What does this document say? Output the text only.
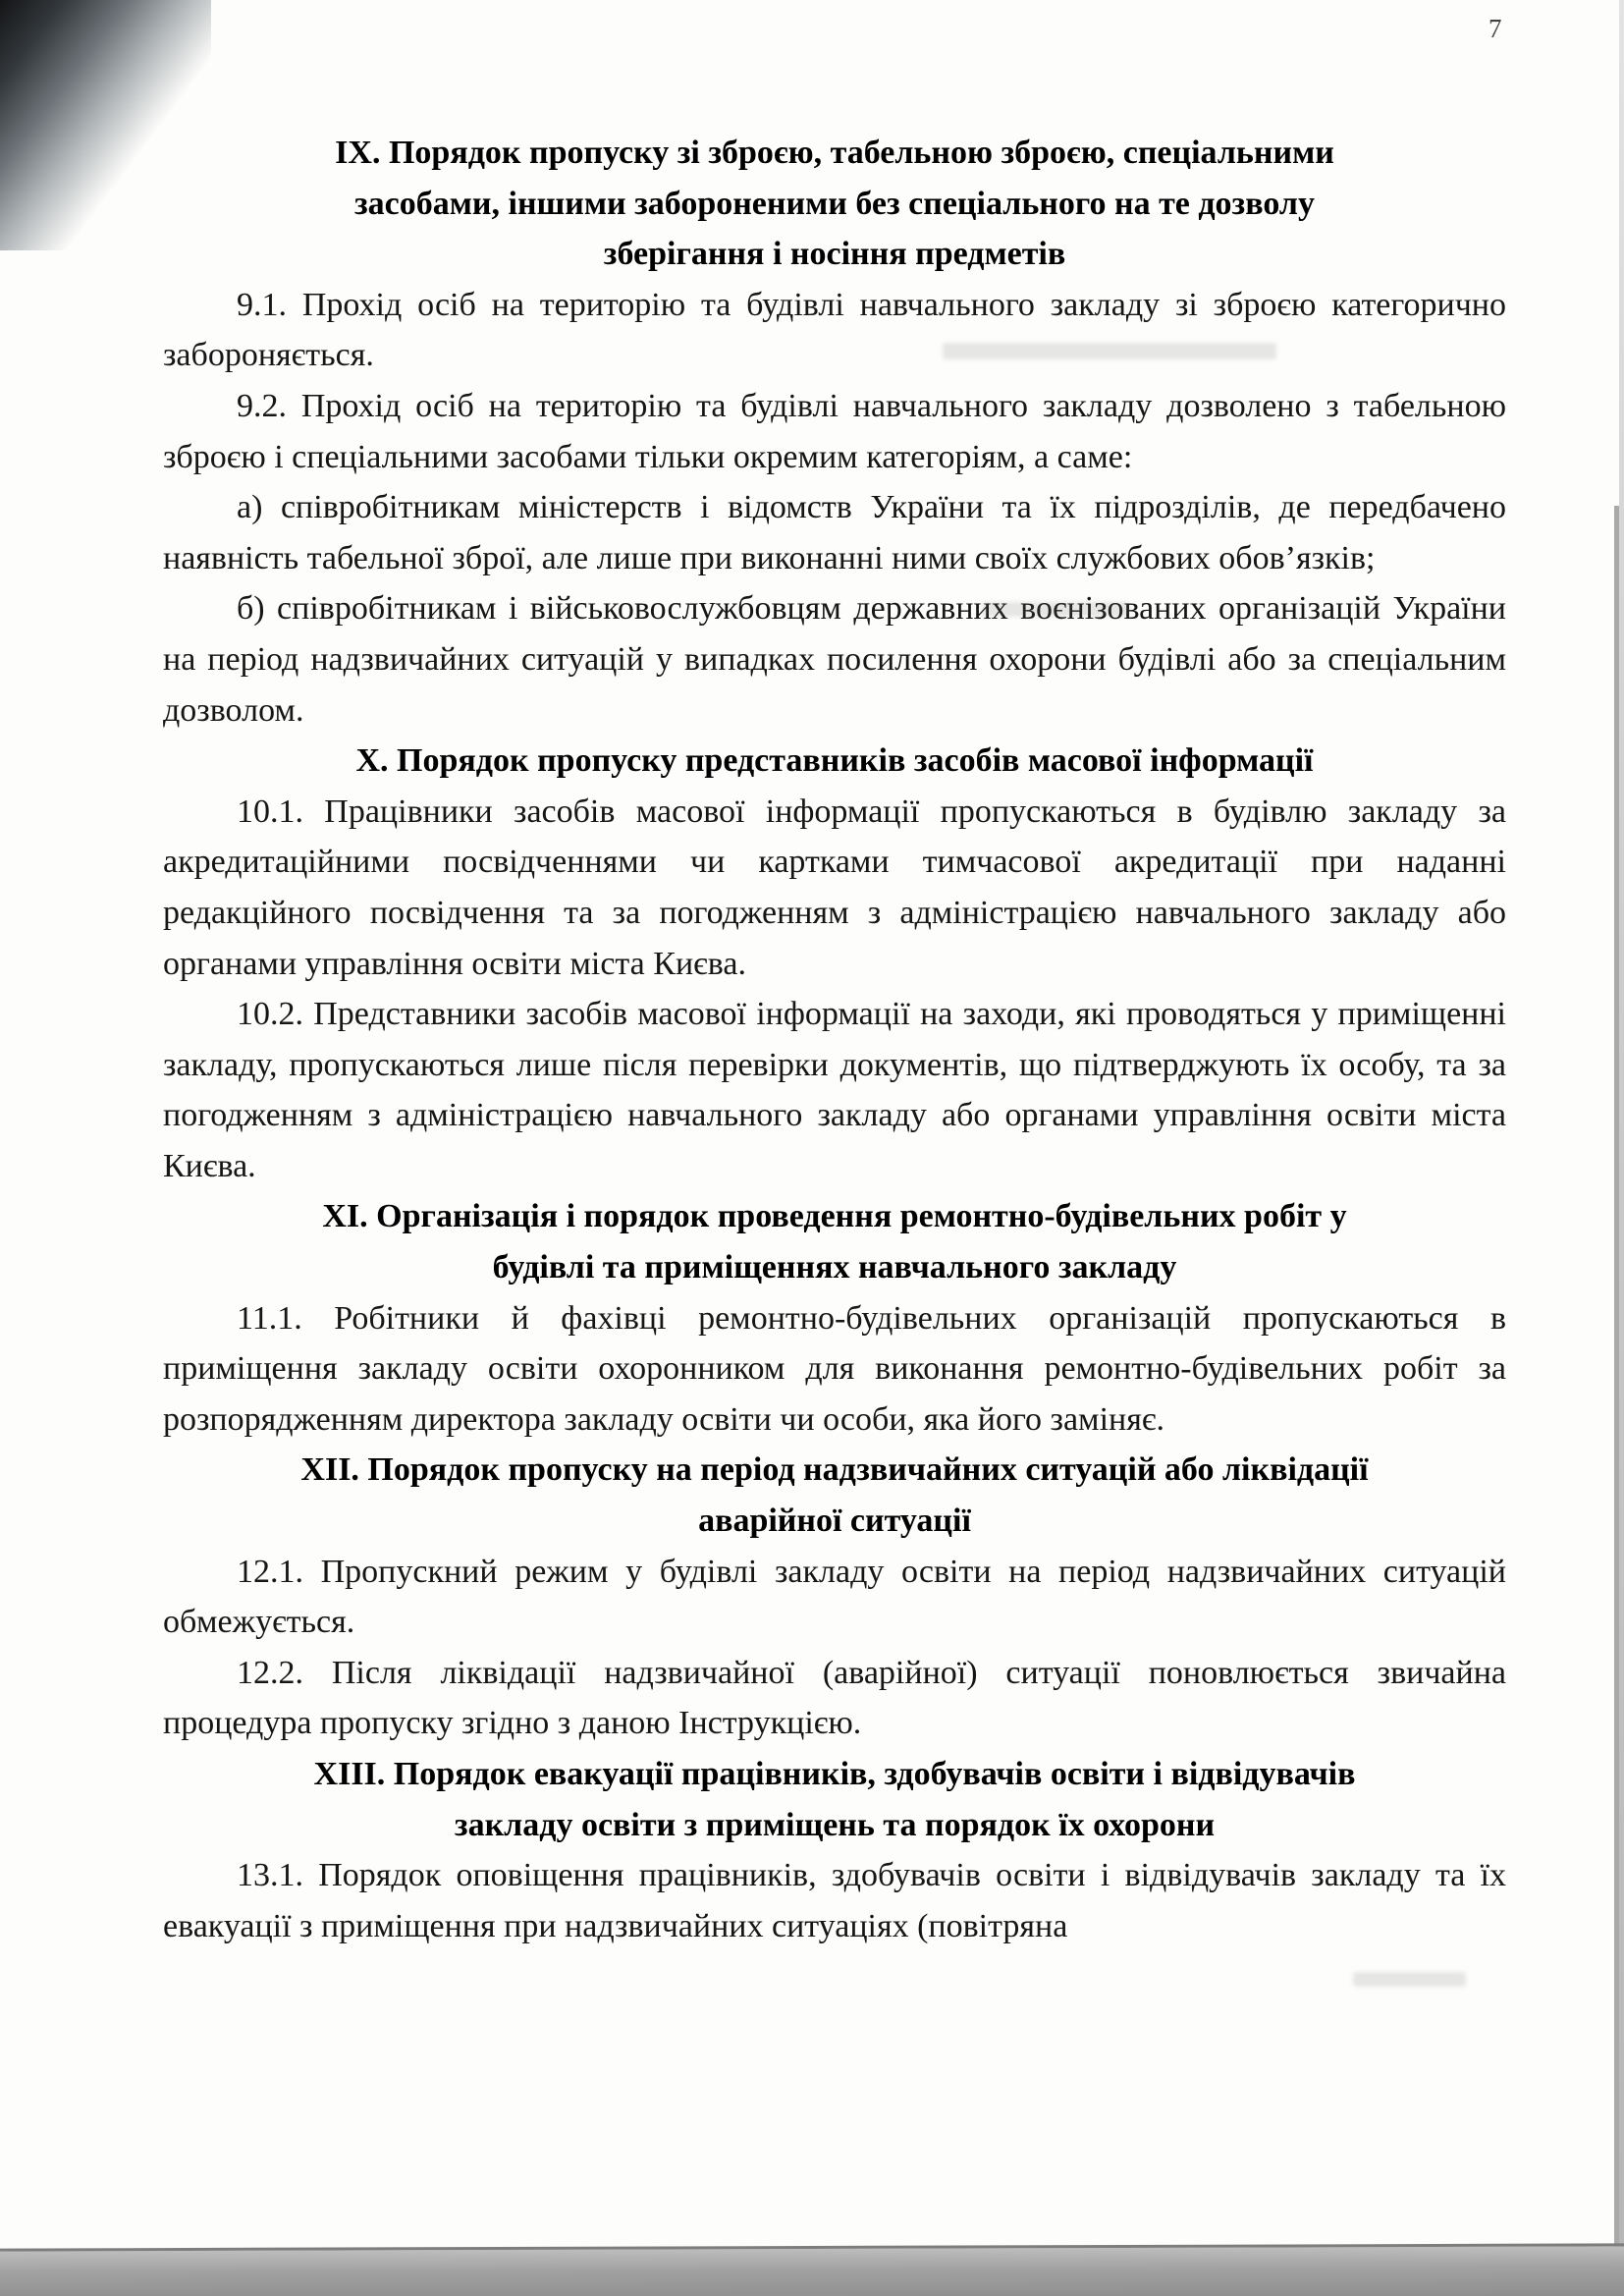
7
IX. Порядок пропуску зі зброєю, табельною зброєю, спеціальними
засобами, іншими забороненими без спеціального на те дозволу
зберігання і носіння предметів

9.1. Прохід осіб на територію та будівлі навчального закладу зі зброєю категорично забороняється.

9.2. Прохід осіб на територію та будівлі навчального закладу дозволено з табельною зброєю і спеціальними засобами тільки окремим категоріям, а саме:

а) співробітникам міністерств і відомств України та їх підрозділів, де передбачено наявність табельної зброї, але лише при виконанні ними своїх службових обов’язків;

б) співробітникам і військовослужбовцям державних воєнізованих організацій України на період надзвичайних ситуацій у випадках посилення охорони будівлі або за спеціальним дозволом.

X. Порядок пропуску представників засобів масової інформації

10.1. Працівники засобів масової інформації пропускаються в будівлю закладу за акредитаційними посвідченнями чи картками тимчасової акредитації при наданні редакційного посвідчення та за погодженням з адміністрацією навчального закладу або органами управління освіти міста Києва.

10.2. Представники засобів масової інформації на заходи, які проводяться у приміщенні закладу, пропускаються лише після перевірки документів, що підтверджують їх особу, та за погодженням з адміністрацією навчального закладу або органами управління освіти міста Києва.

XI. Організація і порядок проведення ремонтно-будівельних робіт у
будівлі та приміщеннях навчального закладу

11.1. Робітники й фахівці ремонтно-будівельних організацій пропускаються в приміщення закладу освіти охоронником для виконання ремонтно-будівельних робіт за розпорядженням директора закладу освіти чи особи, яка його заміняє.

XII. Порядок пропуску на період надзвичайних ситуацій або ліквідації
аварійної ситуації

12.1. Пропускний режим у будівлі закладу освіти на період надзвичайних ситуацій обмежується.

12.2. Після ліквідації надзвичайної (аварійної) ситуації поновлюється звичайна процедура пропуску згідно з даною Інструкцією.

XIII. Порядок евакуації працівників, здобувачів освіти і відвідувачів
закладу освіти з приміщень та порядок їх охорони

13.1. Порядок оповіщення працівників, здобувачів освіти і відвідувачів закладу та їх евакуації з приміщення при надзвичайних ситуаціях (повітряна
